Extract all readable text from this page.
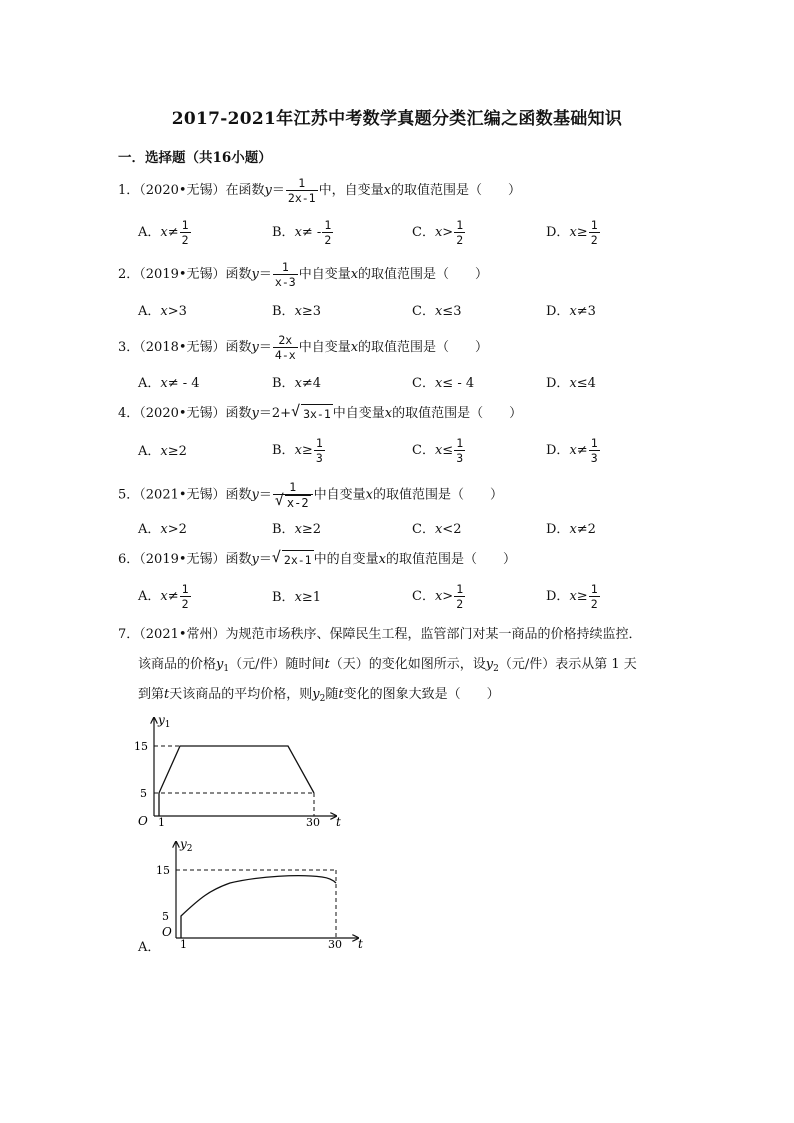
2017-2021年江苏中考数学真题分类汇编之函数基础知识
一．选择题（共16小题）
1．（2020•无锡）在函数$y= \frac{1}{2x-1}$ 中，自变量x的取值范围是（　　）
A．$x\ne \frac{1}{2}$	B．$x\ne - \frac{1}{2}$	C．$x> \frac{1}{2}$	D．$x\ge \frac{1}{2}$
2．（2019•无锡）函数$y= \frac{1}{x-3}$ 中自变量x的取值范围是（　　）
A．x>3	B．x≥3	C．x≤3	D．x≠3
3．（2018•无锡）函数$y= \frac{2x}{4-x}$ 中自变量x的取值范围是（　　）
A．x≠ - 4	B．x≠4	C．x≤ - 4	D．x≤4
4．（2020•无锡）函数y＝2+ √ 3x-1 中自变量x的取值范围是（　　）
A．x≥2	B．$x\ge \frac{1}{3}$	C．$x\le \frac{1}{3}$	D．$x\ne \frac{1}{3}$
5．（2021•无锡）函数$y= \frac{1}{√ x-2}$ 中自变量x的取值范围是（　　）
A．x>2	B．x≥2	C．x<2	D．x≠2
6．（2019•无锡）函数y＝ √ 2x-1 中的自变量x的取值范围是（　　）
A．$x\ne \frac{1}{2}$	B．x≥1	C．$x> \frac{1}{2}$	D．$x\ge \frac{1}{2}$
7．（2021•常州）为规范市场秩序、保障民生工程，监管部门对某一商品的价格持续监控．
该商品的价格$y_1$（元/件）随时间t（天）的变化如图所示，设$y_2$（元/件）表示从第 1 天
到第t天该商品的平均价格，则$y_2$随t变化的图象大致是（　　）
$y_1$
15
5
O 1	30 t
$y_2$
15
5
O
1	30 t
A．
